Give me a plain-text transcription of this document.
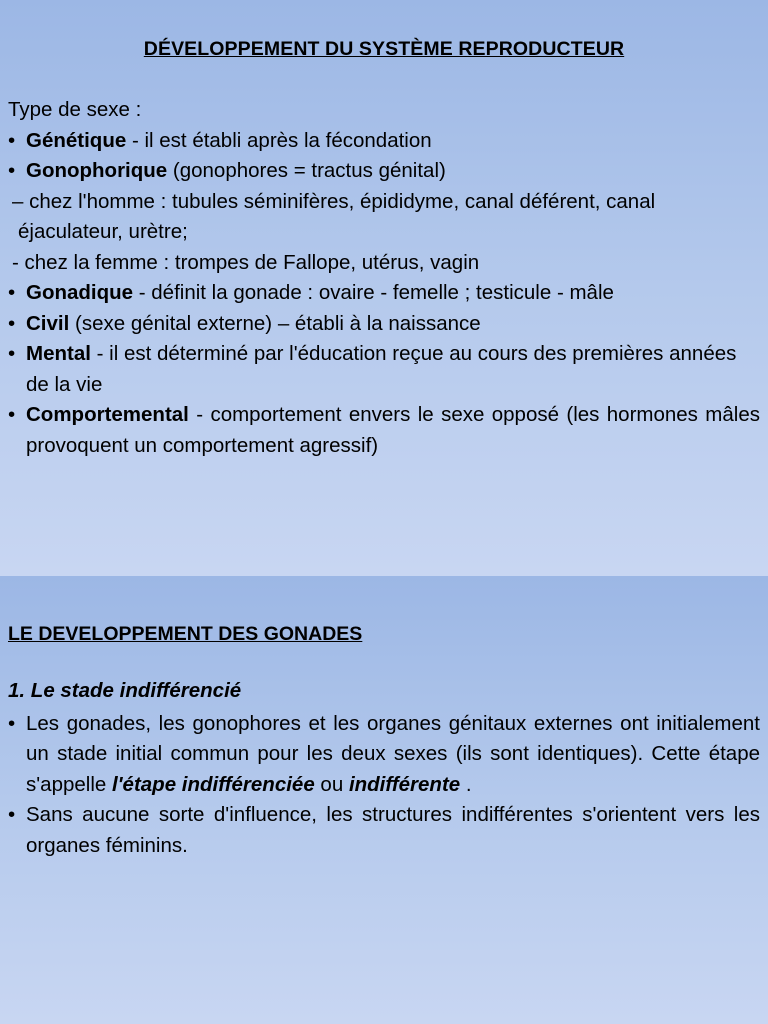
DÉVELOPPEMENT DU SYSTÈME REPRODUCTEUR

Type de sexe :

• Génétique - il est établi après la fécondation

• Gonophorique (gonophores = tractus génital)

– chez l'homme : tubules séminifères, épididyme, canal déférent, canal

éjaculateur, urètre;

- chez la femme : trompes de Fallope, utérus, vagin

• Gonadique - définit la gonade : ovaire - femelle ; testicule - mâle

• Civil (sexe génital externe) – établi à la naissance

• Mental - il est déterminé par l'éducation reçue au cours des premières années de la vie

• Comportemental - comportement envers le sexe opposé (les hormones mâles provoquent un comportement agressif)

LE DEVELOPPEMENT DES GONADES

1. Le stade indifférencié

• Les gonades, les gonophores et les organes génitaux externes ont initialement un stade initial commun pour les deux sexes (ils sont identiques). Cette étape s'appelle l'étape indifférenciée ou indifférente .

• Sans aucune sorte d'influence, les structures indifférentes s'orientent vers les organes féminins.
